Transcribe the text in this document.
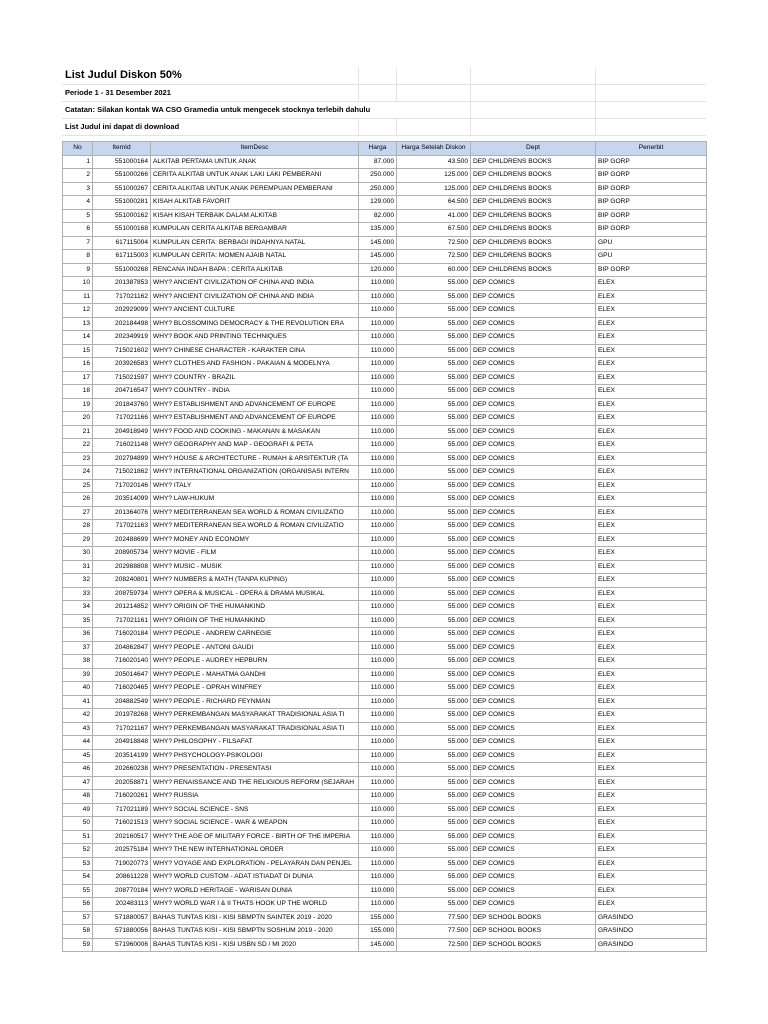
List Judul Diskon 50%
Periode 1 - 31 Desember 2021
Catatan: Silakan kontak WA CSO Gramedia untuk mengecek stocknya terlebih dahulu
List Judul ini dapat di download
No	ItemId	ItemDesc	Harga	Harga Setelah Diskon	Dept	Penerbit
1	551000164	ALKITAB PERTAMA UNTUK ANAK	87.000	43.500	DEP CHILDRENS BOOKS	BIP GORP
2	551000266	CERITA ALKITAB UNTUK ANAK LAKI LAKI PEMBERANI	250.000	125.000	DEP CHILDRENS BOOKS	BIP GORP
3	551000267	CERITA ALKITAB UNTUK ANAK PEREMPUAN PEMBERANI	250.000	125.000	DEP CHILDRENS BOOKS	BIP GORP
4	551000281	KISAH ALKITAB FAVORIT	129.000	64.500	DEP CHILDRENS BOOKS	BIP GORP
5	551000162	KISAH KISAH TERBAIK DALAM ALKITAB	82.000	41.000	DEP CHILDRENS BOOKS	BIP GORP
6	551000168	KUMPULAN CERITA ALKITAB BERGAMBAR	135.000	67.500	DEP CHILDRENS BOOKS	BIP GORP
7	617115004	KUMPULAN CERITA: BERBAGI INDAHNYA NATAL	145.000	72.500	DEP CHILDRENS BOOKS	GPU
8	617115003	KUMPULAN CERITA: MOMEN AJAIB NATAL	145.000	72.500	DEP CHILDRENS BOOKS	GPU
9	551000268	RENCANA INDAH BAPA : CERITA ALKITAB	120.000	60.000	DEP CHILDRENS BOOKS	BIP GORP
10	201387853	WHY? ANCIENT CIVILIZATION OF CHINA AND INDIA	110.000	55.000	DEP COMICS	ELEX
11	717021162	WHY? ANCIENT CIVILIZATION OF CHINA AND INDIA	110.000	55.000	DEP COMICS	ELEX
12	202929099	WHY? ANCIENT CULTURE	110.000	55.000	DEP COMICS	ELEX
13	202184498	WHY? BLOSSOMING DEMOCRACY & THE REVOLUTION ERA	110.000	55.000	DEP COMICS	ELEX
14	202349919	WHY? BOOK AND PRINTING TECHNIQUES	110.000	55.000	DEP COMICS	ELEX
15	715021602	WHY? CHINESE CHARACTER - KARAKTER CINA	110.000	55.000	DEP COMICS	ELEX
16	203926583	WHY? CLOTHES AND FASHION - PAKAIAN & MODELNYA	110.000	55.000	DEP COMICS	ELEX
17	715021597	WHY? COUNTRY - BRAZIL	110.000	55.000	DEP COMICS	ELEX
18	204716547	WHY? COUNTRY - INDIA	110.000	55.000	DEP COMICS	ELEX
19	201843760	WHY? ESTABLISHMENT AND ADVANCEMENT OF EUROPE	110.000	55.000	DEP COMICS	ELEX
20	717021166	WHY? ESTABLISHMENT AND ADVANCEMENT OF EUROPE	110.000	55.000	DEP COMICS	ELEX
21	204918949	WHY? FOOD AND COOKING - MAKANAN & MASAKAN	110.000	55.000	DEP COMICS	ELEX
22	716021148	WHY? GEOGRAPHY AND MAP - GEOGRAFI & PETA	110.000	55.000	DEP COMICS	ELEX
23	202794899	WHY? HOUSE & ARCHITECTURE - RUMAH & ARSITEKTUR (TA	110.000	55.000	DEP COMICS	ELEX
24	715021862	WHY? INTERNATIONAL ORGANIZATION (ORGANISASI INTERN	110.000	55.000	DEP COMICS	ELEX
25	717020146	WHY? ITALY	110.000	55.000	DEP COMICS	ELEX
26	203514099	WHY? LAW-HUKUM	110.000	55.000	DEP COMICS	ELEX
27	201364076	WHY? MEDITERRANEAN SEA WORLD & ROMAN CIVILIZATIO	110.000	55.000	DEP COMICS	ELEX
28	717021163	WHY? MEDITERRANEAN SEA WORLD & ROMAN CIVILIZATIO	110.000	55.000	DEP COMICS	ELEX
29	202488699	WHY? MONEY AND ECONOMY	110.000	55.000	DEP COMICS	ELEX
30	208905734	WHY? MOVIE - FILM	110.000	55.000	DEP COMICS	ELEX
31	202988808	WHY? MUSIC - MUSIK	110.000	55.000	DEP COMICS	ELEX
32	208240801	WHY? NUMBERS & MATH (TANPA KUPING)	110.000	55.000	DEP COMICS	ELEX
33	208759734	WHY? OPERA & MUSICAL - OPERA & DRAMA MUSIKAL	110.000	55.000	DEP COMICS	ELEX
34	201214852	WHY? ORIGIN OF THE HUMANKIND	110.000	55.000	DEP COMICS	ELEX
35	717021161	WHY? ORIGIN OF THE HUMANKIND	110.000	55.000	DEP COMICS	ELEX
36	716020184	WHY? PEOPLE - ANDREW CARNEGIE	110.000	55.000	DEP COMICS	ELEX
37	204862847	WHY? PEOPLE - ANTONI GAUDI	110.000	55.000	DEP COMICS	ELEX
38	716020140	WHY? PEOPLE - AUDREY HEPBURN	110.000	55.000	DEP COMICS	ELEX
39	205014647	WHY? PEOPLE - MAHATMA GANDHI	110.000	55.000	DEP COMICS	ELEX
40	716020465	WHY? PEOPLE - OPRAH WINFREY	110.000	55.000	DEP COMICS	ELEX
41	204882549	WHY? PEOPLE - RICHARD FEYNMAN	110.000	55.000	DEP COMICS	ELEX
42	201978268	WHY? PERKEMBANGAN MASYARAKAT TRADISIONAL ASIA TI	110.000	55.000	DEP COMICS	ELEX
43	717021167	WHY? PERKEMBANGAN MASYARAKAT TRADISIONAL ASIA TI	110.000	55.000	DEP COMICS	ELEX
44	204918848	WHY? PHILOSOPHY - FILSAFAT	110.000	55.000	DEP COMICS	ELEX
45	203514199	WHY? PHSYCHOLOGY-PSIKOLOGI	110.000	55.000	DEP COMICS	ELEX
46	202660238	WHY? PRESENTATION - PRESENTASI	110.000	55.000	DEP COMICS	ELEX
47	202058871	WHY? RENAISSANCE AND THE RELIGIOUS REFORM (SEJARAH	110.000	55.000	DEP COMICS	ELEX
48	716020261	WHY? RUSSIA	110.000	55.000	DEP COMICS	ELEX
49	717021189	WHY? SOCIAL SCIENCE - SNS	110.000	55.000	DEP COMICS	ELEX
50	716021513	WHY? SOCIAL SCIENCE - WAR & WEAPON	110.000	55.000	DEP COMICS	ELEX
51	202160517	WHY? THE AGE OF MILITARY FORCE - BIRTH OF THE IMPERIA	110.000	55.000	DEP COMICS	ELEX
52	202575184	WHY? THE NEW INTERNATIONAL ORDER	110.000	55.000	DEP COMICS	ELEX
53	719020773	WHY? VOYAGE AND EXPLORATION - PELAYARAN DAN PENJEL	110.000	55.000	DEP COMICS	ELEX
54	208611228	WHY? WORLD CUSTOM - ADAT ISTIADAT DI DUNIA	110.000	55.000	DEP COMICS	ELEX
55	208770184	WHY? WORLD HERITAGE - WARISAN DUNIA	110.000	55.000	DEP COMICS	ELEX
56	202483113	WHY? WORLD WAR I & II THATS HOOK UP THE WORLD	110.000	55.000	DEP COMICS	ELEX
57	571880057	BAHAS TUNTAS KISI - KISI SBMPTN SAINTEK 2019 - 2020	155.000	77.500	DEP SCHOOL BOOKS	GRASINDO
58	571880056	BAHAS TUNTAS KISI - KISI SBMPTN SOSHUM 2019 - 2020	155.000	77.500	DEP SCHOOL BOOKS	GRASINDO
59	571960006	BAHAS TUNTAS KISI - KISI USBN SD / MI 2020	145.000	72.500	DEP SCHOOL BOOKS	GRASINDO
